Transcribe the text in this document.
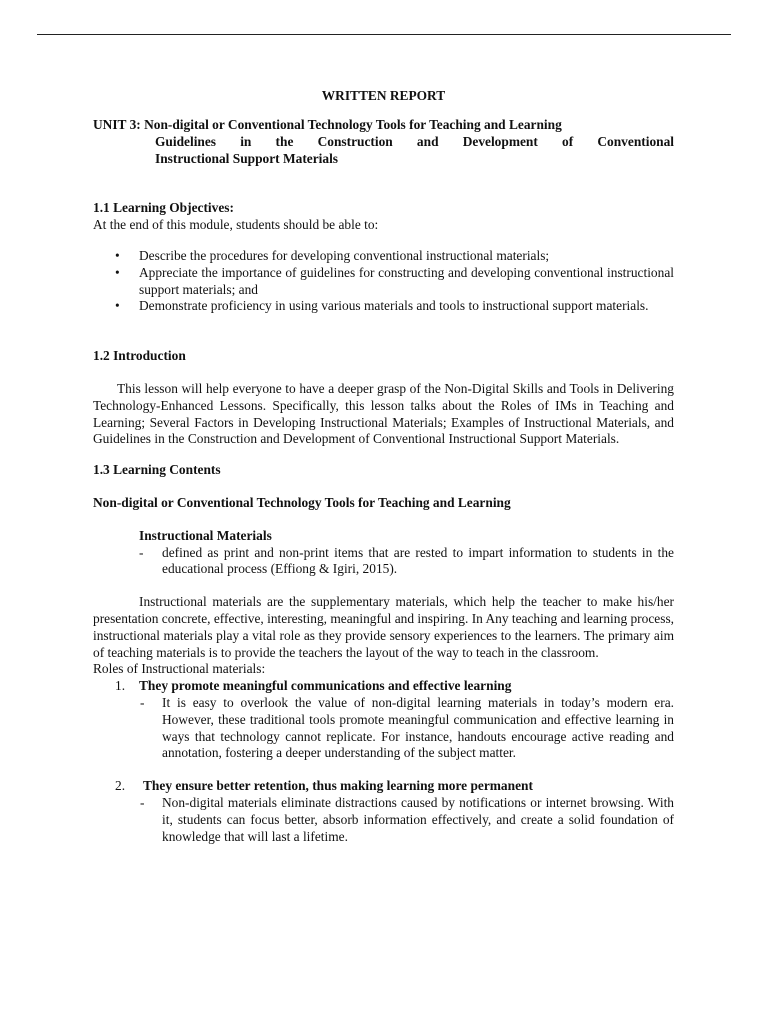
WRITTEN REPORT
UNIT 3: Non-digital or Conventional Technology Tools for Teaching and Learning
Guidelines in the Construction and Development of Conventional
Instructional Support Materials
1.1 Learning Objectives:

At the end of this module, students should be able to:

• Describe the procedures for developing conventional instructional materials;
• Appreciate the importance of guidelines for constructing and developing conventional instructional support materials; and
• Demonstrate proficiency in using various materials and tools to instructional support materials.
1.2 Introduction

This lesson will help everyone to have a deeper grasp of the Non-Digital Skills and Tools in Delivering Technology-Enhanced Lessons. Specifically, this lesson talks about the Roles of IMs in Teaching and Learning; Several Factors in Developing Instructional Materials; Examples of Instructional Materials, and Guidelines in the Construction and Development of Conventional Instructional Support Materials.

1.3 Learning Contents
Non-digital or Conventional Technology Tools for Teaching and Learning
Instructional Materials
- defined as print and non-print items that are rested to impart information to students in the educational process (Effiong & Igiri, 2015).

Instructional materials are the supplementary materials, which help the teacher to make his/her presentation concrete, effective, interesting, meaningful and inspiring. In Any teaching and learning process, instructional materials play a vital role as they provide sensory experiences to the learners. The primary aim of teaching materials is to provide the teachers the layout of the way to teach in the classroom.

Roles of Instructional materials:

1. They promote meaningful communications and effective learning
- It is easy to overlook the value of non-digital learning materials in today’s modern era. However, these traditional tools promote meaningful communication and effective learning in ways that technology cannot replicate. For instance, handouts encourage active reading and annotation, fostering a deeper understanding of the subject matter.
2. They ensure better retention, thus making learning more permanent
- Non-digital materials eliminate distractions caused by notifications or internet browsing. With it, students can focus better, absorb information effectively, and create a solid foundation of knowledge that will last a lifetime.
